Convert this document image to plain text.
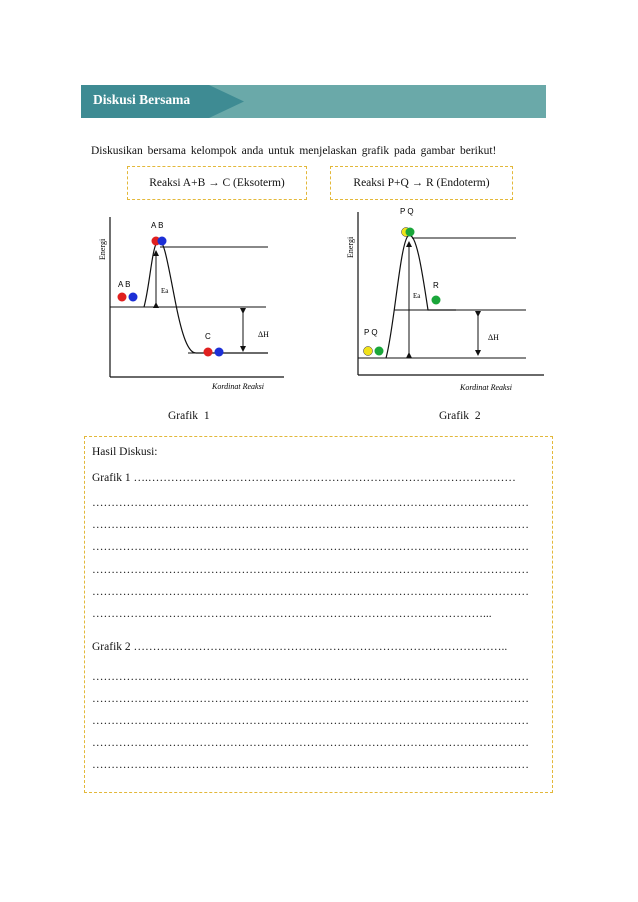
Diskusi Bersama
Diskusikan bersama kelompok anda untuk menjelaskan grafik pada gambar berikut!
Reaksi A+B → C (Eksoterm)	Reaksi P+Q → R (Endoterm)
Energi
Kordinat Reaksi
Ea
ΔH
A B
A B
C
Energi
Kordinat Reaksi
Ea
ΔH
P Q
P Q
R
Grafik 1	Grafik 2
Hasil Diskusi:
Grafik 1 ….……………………………………………………………………………………
……………………………………………………………………………………………………
……………………………………………………………………………………………………
……………………………………………………………………………………………………
……………………………………………………………………………………………………
……………………………………………………………………………………………………
…………………………………………………………………………………………...
Grafik 2 ……………………………………………………………………………………..
……………………………………………………………………………………………………
……………………………………………………………………………………………………
……………………………………………………………………………………………………
……………………………………………………………………………………………………
……………………………………………………………………………………………………
